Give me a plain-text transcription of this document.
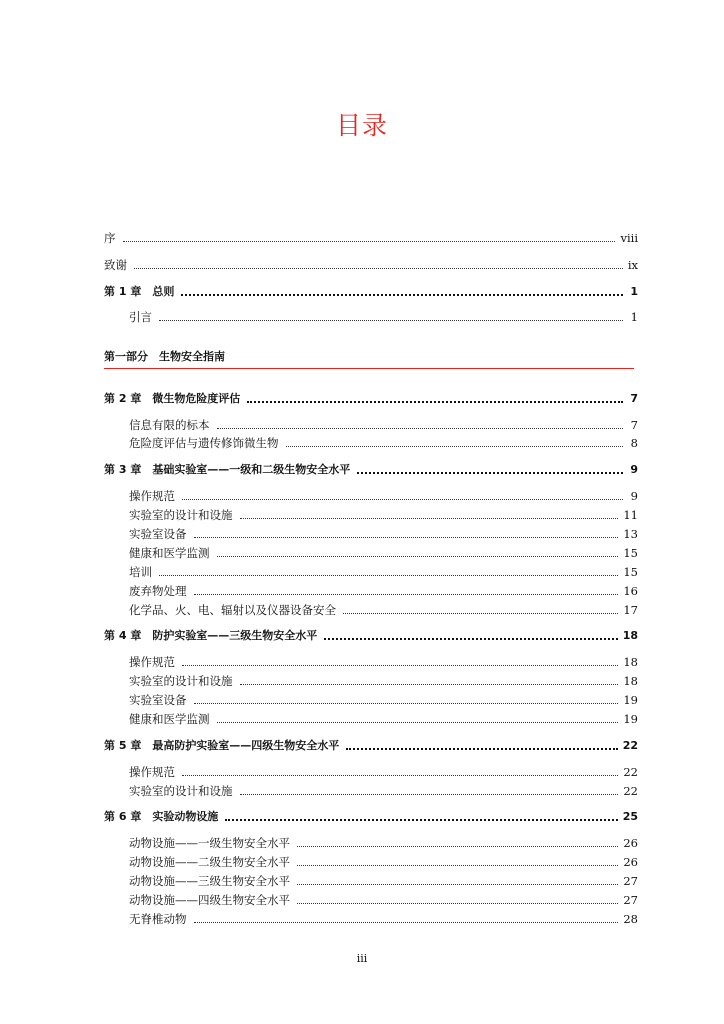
目录
序	viii
致谢	ix
第 1 章　总则	1
引言	1
第 2 章　微生物危险度评估	7
信息有限的标本	7
危险度评估与遗传修饰微生物	8
第 3 章　基础实验室——一级和二级生物安全水平	9
操作规范	9
实验室的设计和设施	11
实验室设备	13
健康和医学监测	15
培训	15
废弃物处理	16
化学品、火、电、辐射以及仪器设备安全	17
第 4 章　防护实验室——三级生物安全水平	18
操作规范	18
实验室的设计和设施	18
实验室设备	19
健康和医学监测	19
第 5 章　最高防护实验室——四级生物安全水平	22
操作规范	22
实验室的设计和设施	22
第 6 章　实验动物设施	25
动物设施——一级生物安全水平	26
动物设施——二级生物安全水平	26
动物设施——三级生物安全水平	27
动物设施——四级生物安全水平	27
无脊椎动物	28
第一部分　生物安全指南
iii
